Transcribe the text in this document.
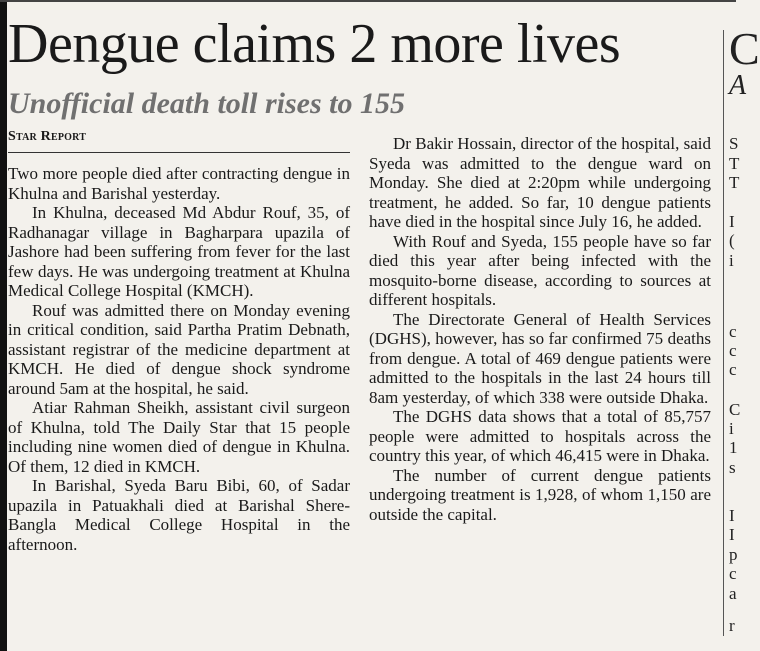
Dengue claims 2 more lives
Unofficial death toll rises to 155
Star Report

Two more people died after contracting dengue in Khulna and Barishal yesterday.

In Khulna, deceased Md Abdur Rouf, 35, of Radhanagar village in Bagharpara upazila of Jashore had been suffering from fever for the last few days. He was undergoing treatment at Khulna Medical College Hospital (KMCH).

Rouf was admitted there on Monday evening in critical condition, said Partha Pratim Debnath, assistant registrar of the medicine department at KMCH. He died of dengue shock syndrome around 5am at the hospital, he said.

Atiar Rahman Sheikh, assistant civil surgeon of Khulna, told The Daily Star that 15 people including nine women died of dengue in Khulna. Of them, 12 died in KMCH.

In Barishal, Syeda Baru Bibi, 60, of Sadar upazila in Patuakhali died at Barishal Shere-Bangla Medical College Hospital in the afternoon.

Dr Bakir Hossain, director of the hospital, said Syeda was admitted to the dengue ward on Monday. She died at 2:20pm while undergoing treatment, he added. So far, 10 dengue patients have died in the hospital since July 16, he added.

With Rouf and Syeda, 155 people have so far died this year after being infected with the mosquito-borne disease, according to sources at different hospitals.

The Directorate General of Health Services (DGHS), however, has so far confirmed 75 deaths from dengue. A total of 469 dengue patients were admitted to the hospitals in the last 24 hours till 8am yesterday, of which 338 were outside Dhaka.

The DGHS data shows that a total of 85,757 people were admitted to hospitals across the country this year, of which 46,415 were in Dhaka.

The number of current dengue patients undergoing treatment is 1,928, of whom 1,150 are outside the capital.

C
A
S
T
T
I
(
i
c
c
c
C
i
1
s
I
I
p
c
a
r
